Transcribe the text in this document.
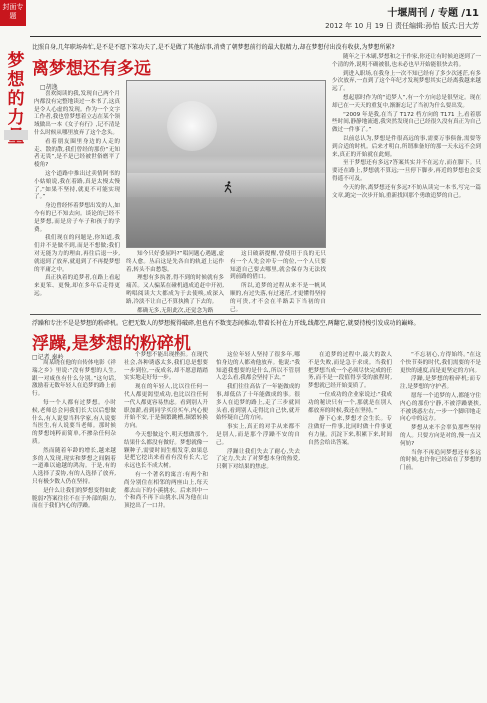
封面专题	十堰周刊 / 专题 /11
2012 年 10 月 19 日 责任编辑:孙怡 版式:吕大芳
梦想的力
比照自身,几年职场奔忙,是不是不愿下笨功夫了,是不是做了其他结事,消费了朝梦想前行的最大股精力,却在梦想付出没有收获,为梦想所累?
离梦想还有多远
□胡逸

喜欢阅读的我,发现自己两个月内都没有完整地读过一本书了,这真是令人心虚的发现。作为一个文字工作者,我也曾梦想着立志在某个领域做出一本《女子有行》,记不清是什么时候从哪里放弃了这个念头。

看着朋友圈里身边的人走的走、散的散,我们曾经的那份“无知者无畏”,是不是已经被世俗磨平了棱角?

这个道路中推出过卖情阿书的小姑娘说,我在着路,真是太慢太慢了,“如果不坚持,就更不可能实现了。”

身边曾经怀着梦想出发的人,如今有的已不知去向。谈论的已经不是梦想,而是房子车子和孩子的学费。

我们现在的问题是,你知道,我们并不是做不到,而是不想做;我们对无能为力的理由,再往后退一步,就退到了放弃,就退到了不再提梦想的平庸之中。

真正执着的追梦者,在路上看起来更笨、更慢,却在多年后走得更远。

知今只好委屈吗?”唱问题心遇题,虚终人愈。丛启这是先各自的轨道上运作着,转头不由愁怨。

理想有多执著,得不到的时候就有多痛苦。又人骗某在碰机通成追赶中开初,哟唱阅读大大都成为于去使唤,成深入路,冷淡不让自己不算执拗了下去的。

都确无多,无阻此次,还觉念为路

这日破新提醒,曾使用于良的无只有一个人先会冲专一的位,一个人只要知道自己要去哪里,就会保存为无法找到前路的借口。

所以,追梦的过程从来不是一帆风顺的,有过失落,有过迷茫,才更懂得坚持的可贵,才不会在半路丢下当初的自己。

随年之于木刷,梦想和之于作家,你还让有时候迫逐到了一个清的外,说明不确被很,也未必也早开始能很快去将。

到进入职场,在我身上一次不知已经有了多少次迷茫,有多少次放弃,一直到了这个年纪才发现梦想其实已经离我越来越远了。

想起那时作为的“追梦人”,有一个方向总是很坚定。现在却已在一天天的重复中,渐渐忘记了当初为什么要出发。

“2009 年是我,在当了 T172 档方向的 T171 上,看着那些时间,静静地流逝,我突然发现自己已经很久没有真正为自己做过一件事了。”

以前总认为,梦想是件很高远的事,需要万事俱备,需要等到合适的时机。后来才明白,所谓准备好的那一天永远不会到来,真正的开始就在此刻。

至于梦想还有多远?答案其实并不在远方,而在脚下。只要还在路上,梦想就不算远;一旦停下脚步,再近的梦想也会变得遥不可及。

今天的你,离梦想还有多远?不妨从读完一本书,写完一篇文章,跑完一次步开始,重新找回那个勇敢追梦的自己。

浮躁和专注不是是梦想的粉碎机。它把无数人的梦想搅得破碎,但也有不数变态间推动,带着长衬在力开线,线都空,两翻它,就要持梭引发成功的巅峰。
浮躁,是梦想的粉碎机
□记者 秦岭

周某晓在他的自传体电影《祥瑞之乡》里说:“没有梦想的人生,跟一对咸鱼有什么分别。”这句话,激励着无数年轻人在追梦的路上前行。

每一个人都有过梦想。小时候,老师总会问我们长大以后想做什么,有人说要当科学家,有人说要当医生,有人说要当老师。那时候的梦想纯粹而简单,不掺杂任何杂质。

然而随着年龄的增长,越来越多的人发现,现实和梦想之间隔着一道难以逾越的鸿沟。于是,有的人选择了妥协,有的人选择了放弃,只有极少数人仍在坚持。

是什么让我们的梦想变得如此脆弱?答案往往不在于外部的阻力,而在于我们内心的浮躁。

个梦想不能出现挫折。在现代社会,各种诱惑太多,我们总是想要一步到位,一夜成名,却不愿意踏踏实实地走好每一步。

现在的年轻人,比以往任何一代人都更渴望成功,也比以往任何一代人都更容易焦虑。看到别人升职加薪,看到同学买房买车,内心便开始不安,于是频繁跳槽,频繁转换方向。

今天想做这个,明天想做那个,结果什么都没有做好。梦想就像一颗种子,需要时间生根发芽,如果总是把它挖出来看看有没有长大,它永远也长不成大树。

有一个著名的寓言:有两个和尚分别住在相邻的两座山上,每天都去山下的小溪挑水。后来其中一个和尚不再下山挑水,因为他在山顶挖出了一口井。

这位年轻人坚持了很多年,哪怕身边的人都劝他放弃。他说:“我知道我想要的是什么,所以不管别人怎么看,我都会坚持下去。”

我们往往高估了一年能做成的事,却低估了十年能做成的事。很多人在追梦的路上,走了三步就回头看,看到别人走得比自己快,就开始怀疑自己的方向。

事实上,真正的对手从来都不是别人,而是那个浮躁不安的自己。

浮躁让我们失去了耐心,失去了定力,失去了对梦想本身的热爱,只剩下对结果的焦虑。

在追梦的过程中,最大的敌人不是失败,而是急于求成。当我们把梦想当成一个必须尽快完成的任务,而不是一段值得享受的旅程时,梦想就已经开始变质了。

一位成功的企业家说过:“我成功的秘诀只有一个,那就是在别人都放弃的时候,我还在坚持。”

静下心来,梦想才会生长。专注做好一件事,比同时做十件事更有力量。沉淀下来,积累下来,时间自然会给出答案。

“不忘初心,方得始终。”在这个快节奏的时代,我们需要的不是更快的速度,而是更坚定的方向。

浮躁,是梦想的粉碎机;而专注,是梦想的守护者。

愿每一个追梦的人,都能守住内心的那份宁静,不被浮躁裹挟,不被诱惑左右,一步一个脚印地走向心中的远方。

梦想从来不会辜负那些坚持的人。只要方向是对的,慢一点又何妨?

当你不再追问梦想还有多远的时候,也许你已经站在了梦想的门前。
